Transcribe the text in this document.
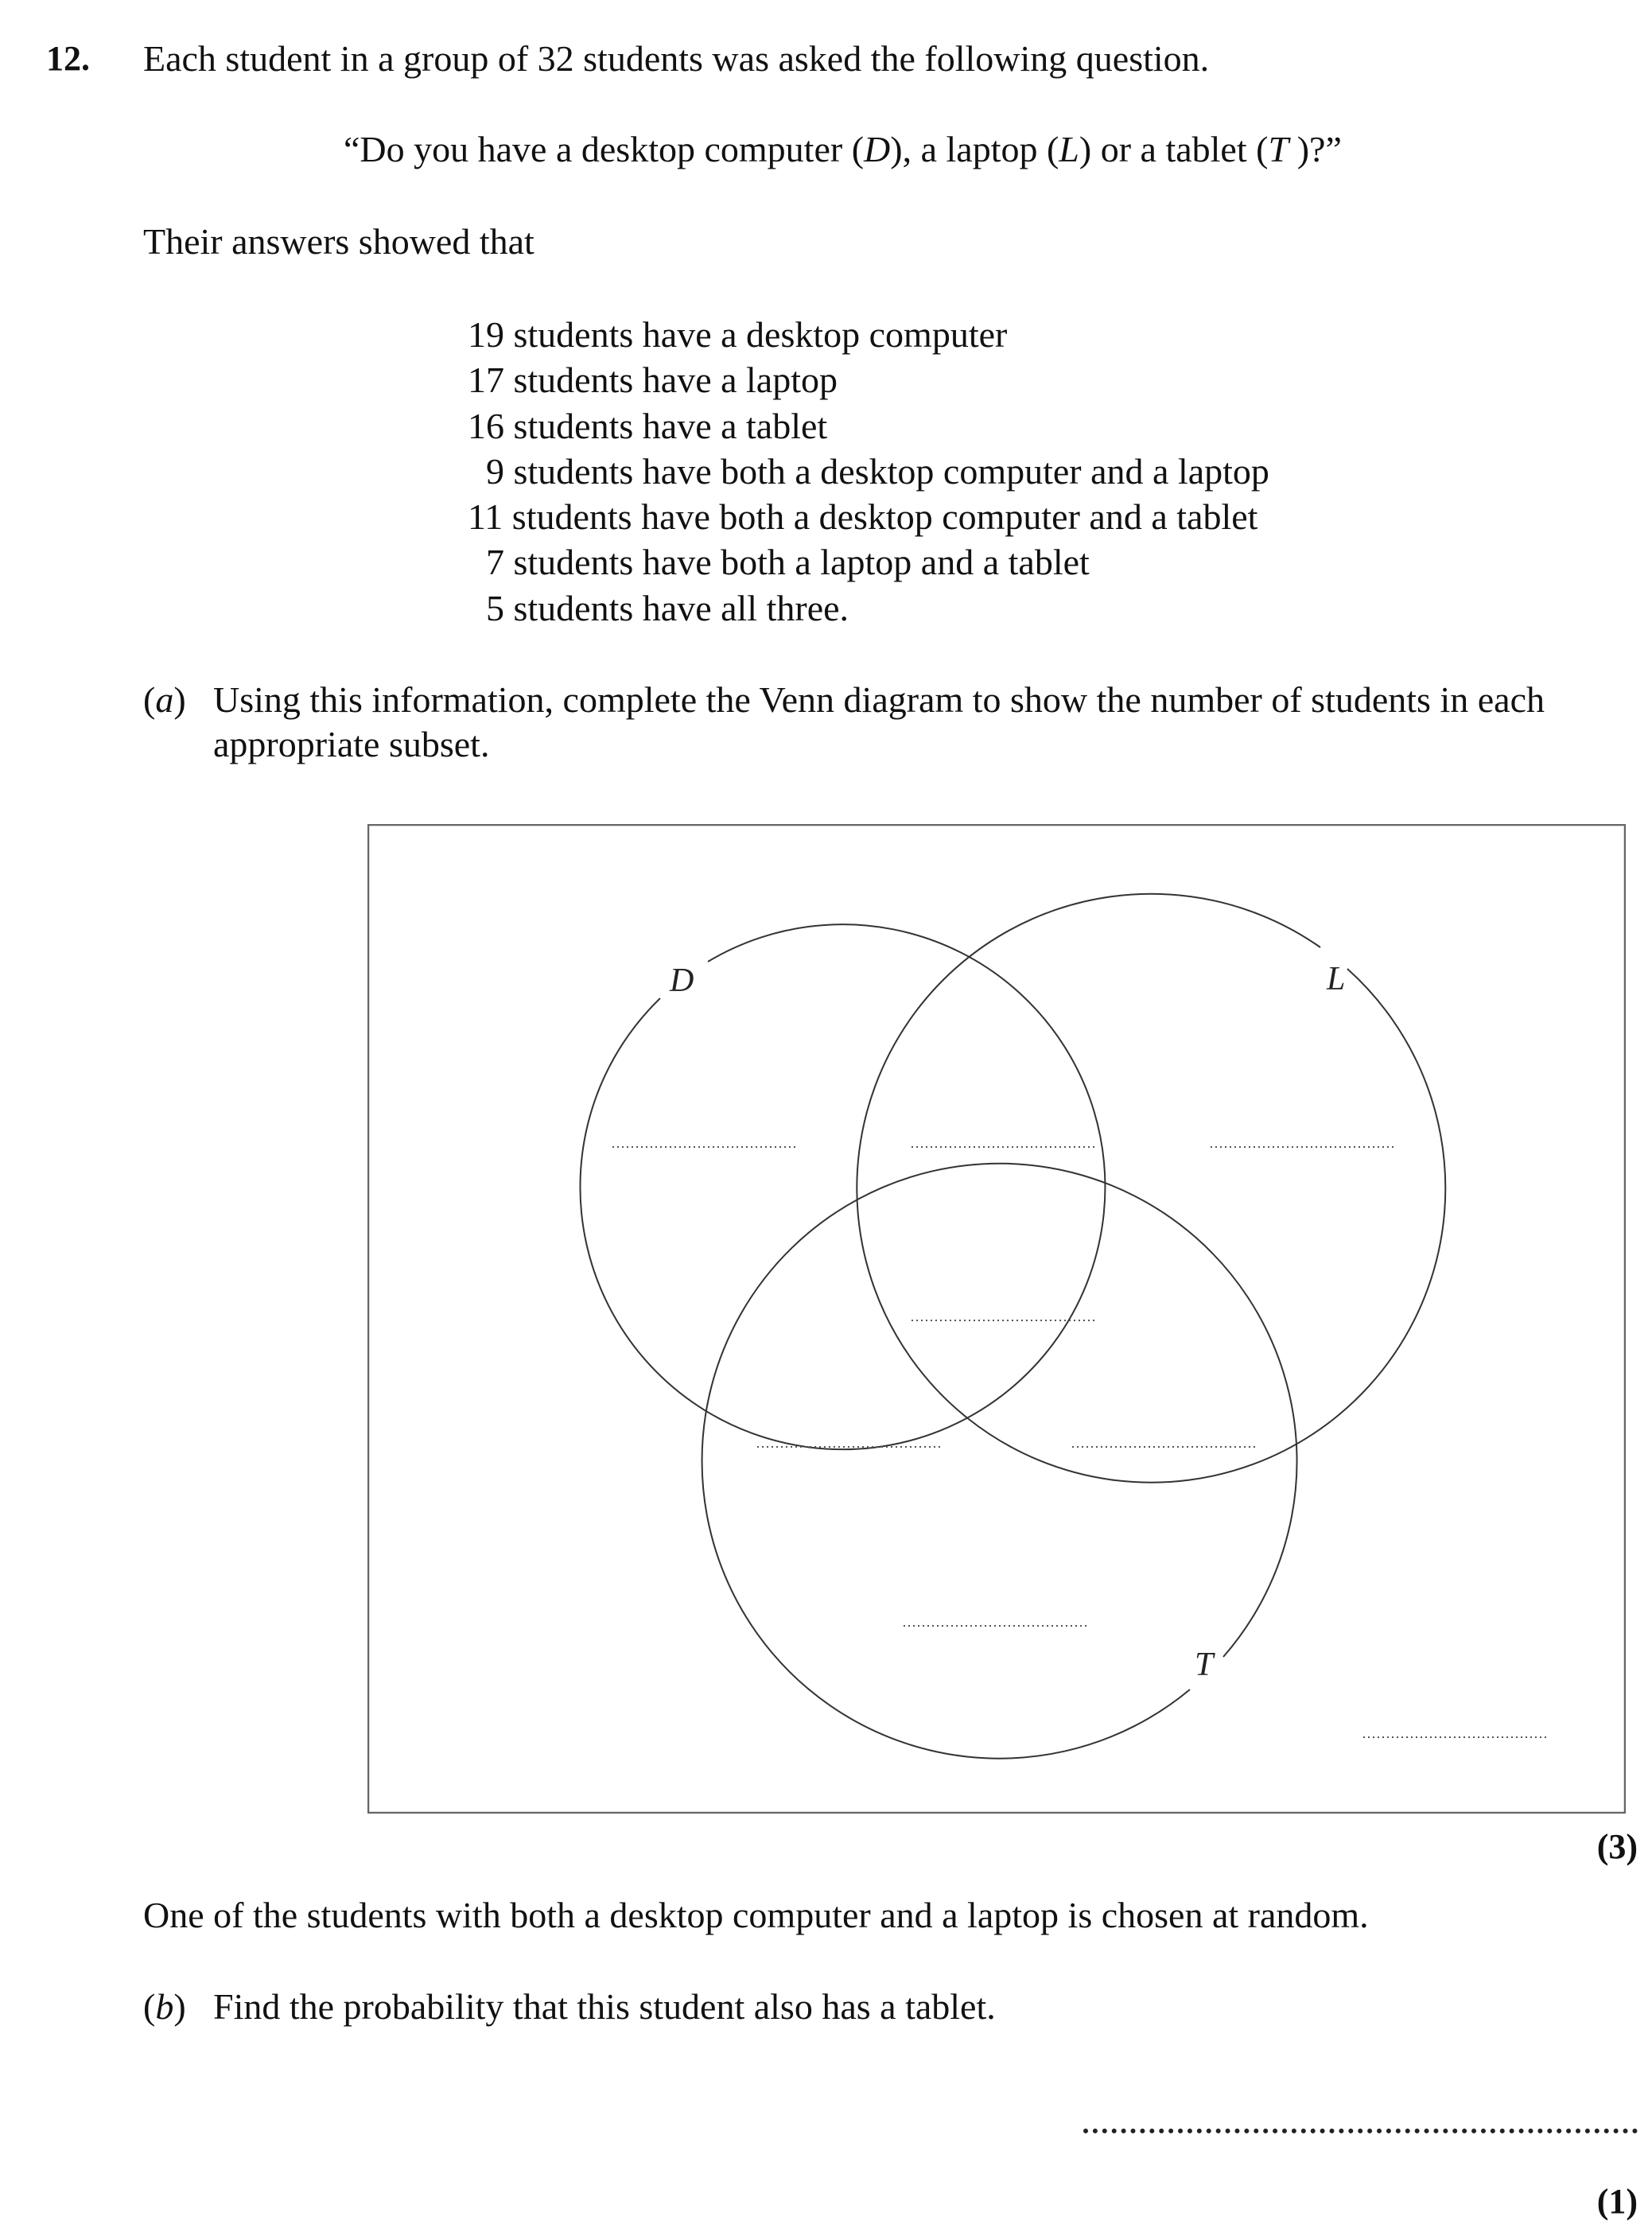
12. Each student in a group of 32 students was asked the following question.
“Do you have a desktop computer (D), a laptop (L) or a tablet (T )?”
Their answers showed that
19 students have a desktop computer
17 students have a laptop
16 students have a tablet
9 students have both a desktop computer and a laptop
11 students have both a desktop computer and a tablet
7 students have both a laptop and a tablet
5 students have all three.
(a) Using this information, complete the Venn diagram to show the number of students in each appropriate subset.
D	L
T
(3)
One of the students with both a desktop computer and a laptop is chosen at random.
(b) Find the probability that this student also has a tablet.
(1)
